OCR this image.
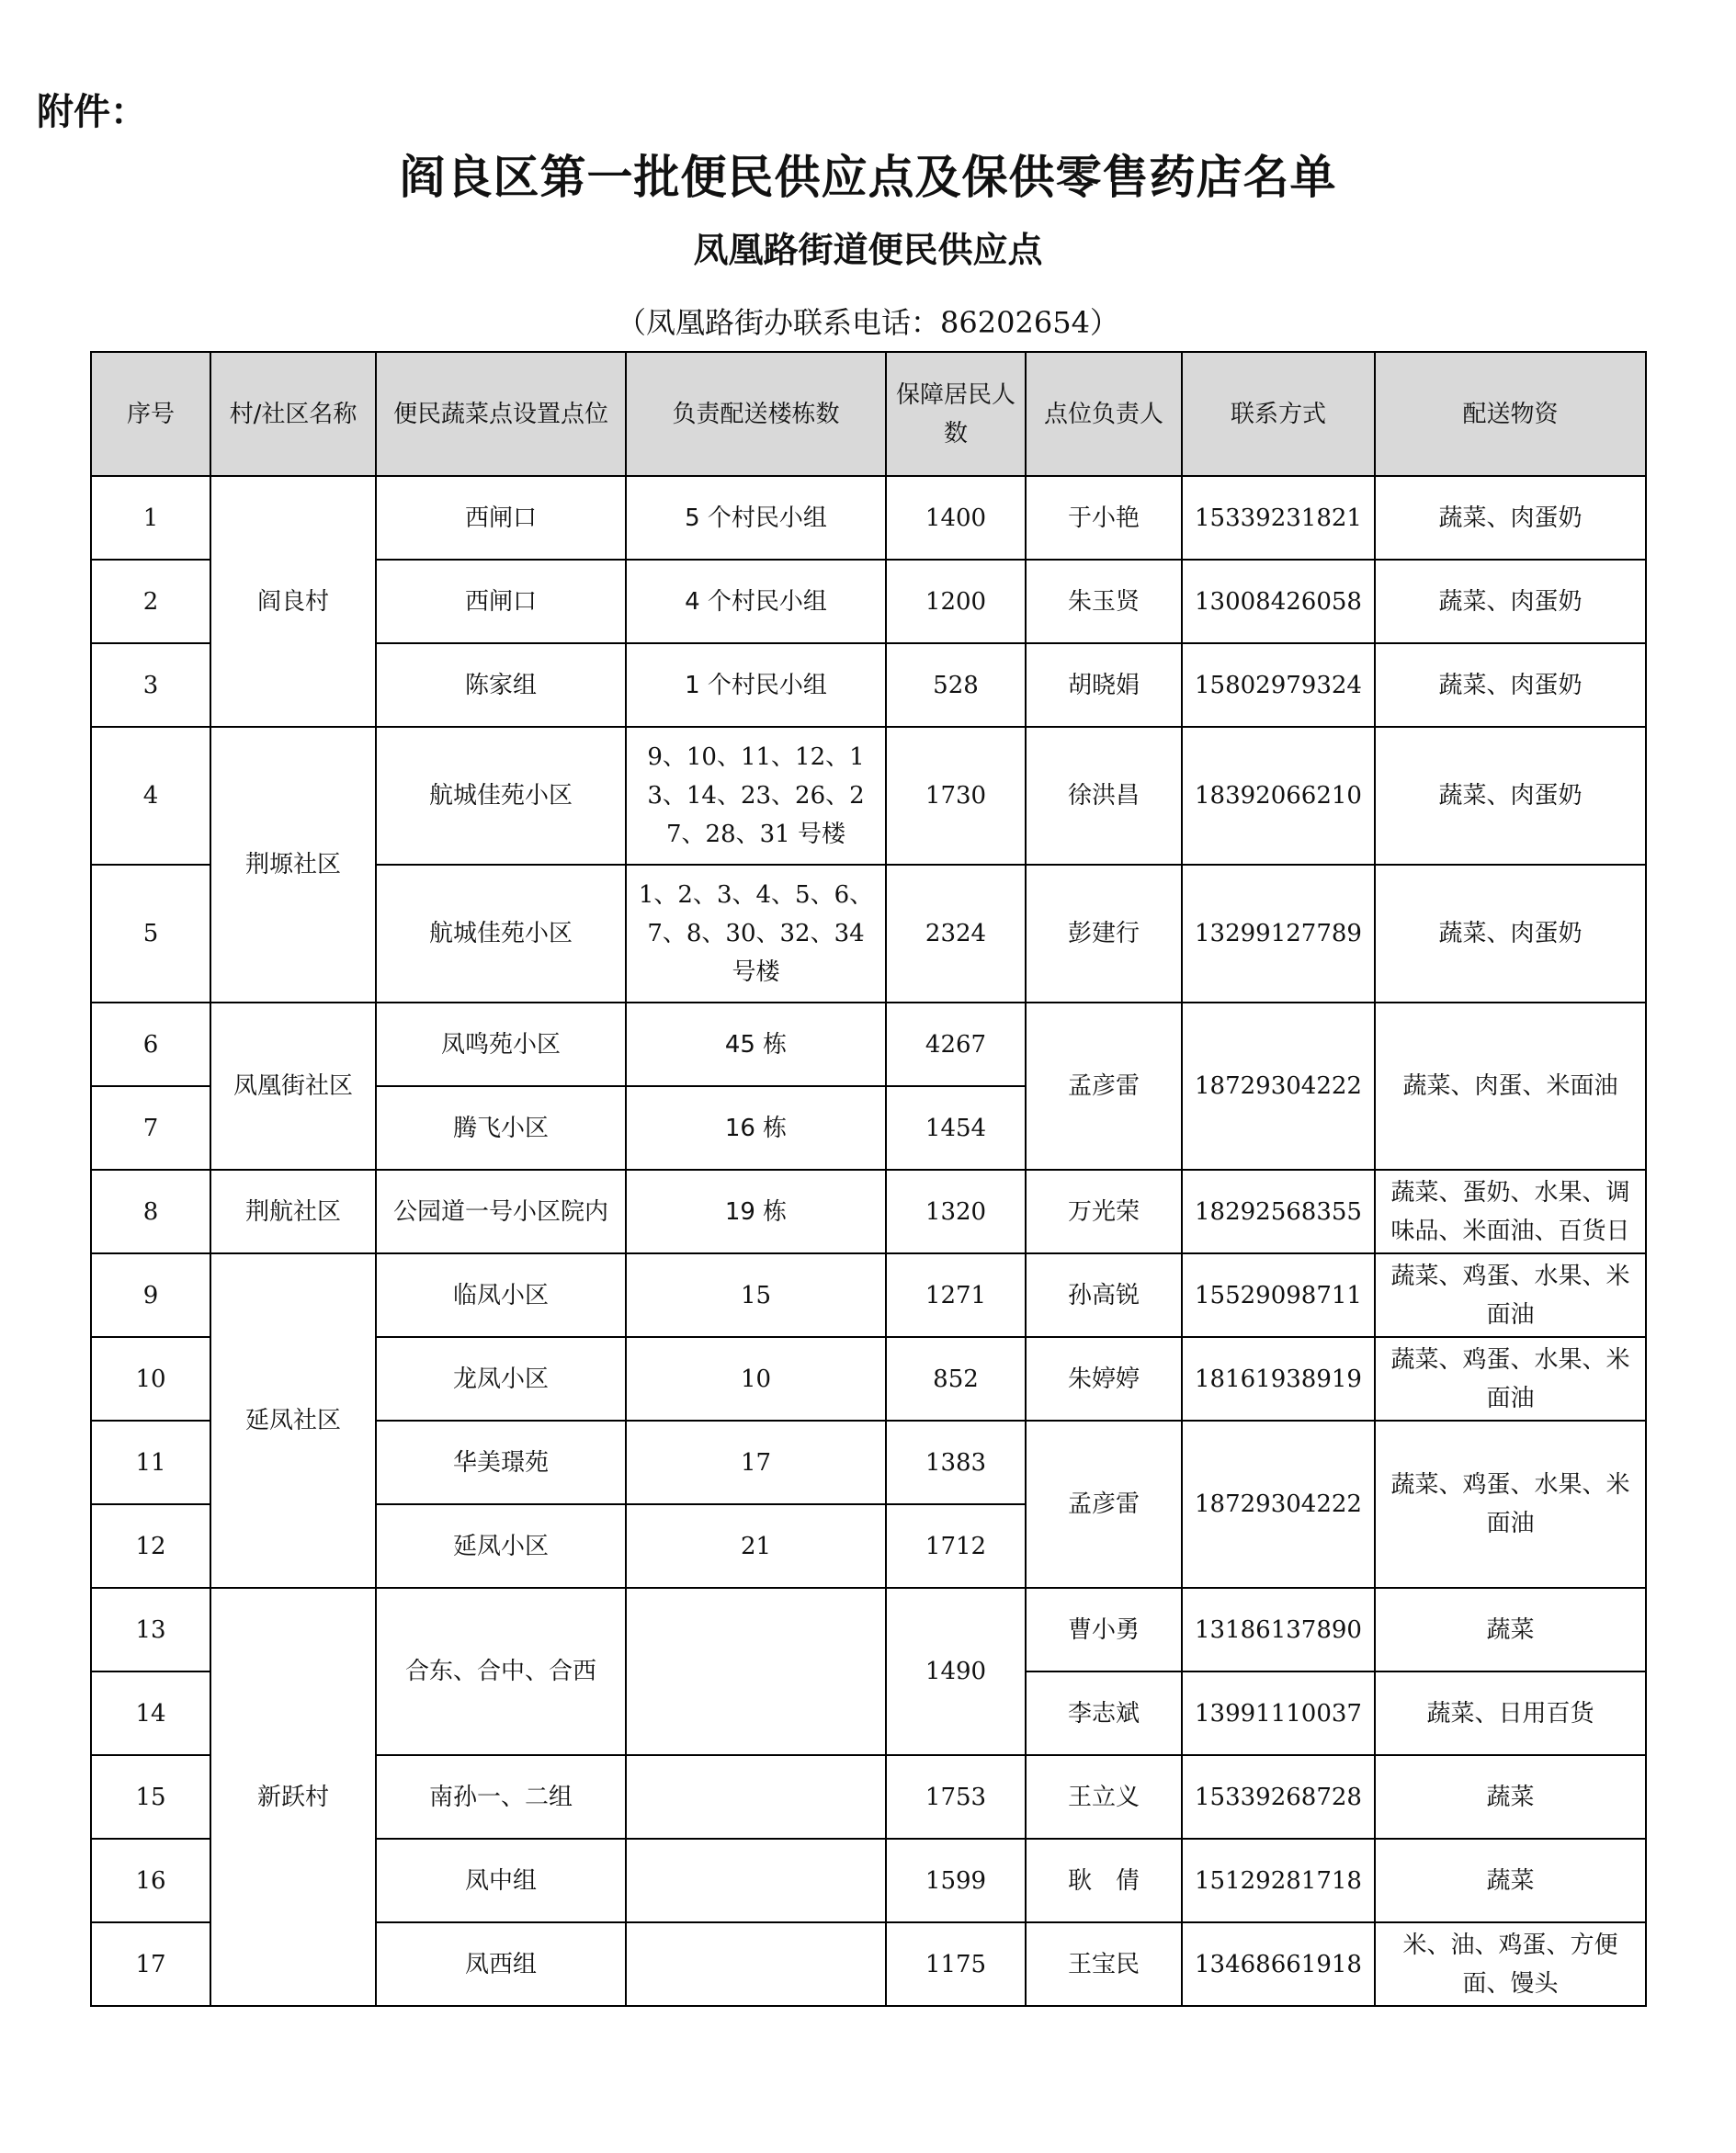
附件：
阎良区第一批便民供应点及保供零售药店名单
凤凰路街道便民供应点
（凤凰路街办联系电话：86202654）
序号	村/社区名称	便民蔬菜点设置点位	负责配送楼栋数	保障居民人数	点位负责人	联系方式	配送物资
1	阎良村	西闸口	5 个村民小组	1400	于小艳	15339231821	蔬菜、肉蛋奶
2		西闸口	4 个村民小组	1200	朱玉贤	13008426058	蔬菜、肉蛋奶
3		陈家组	1 个村民小组	528	胡晓娟	15802979324	蔬菜、肉蛋奶
4	荆塬社区	航城佳苑小区	9、10、11、12、13、14、23、26、27、28、31 号楼	1730	徐洪昌	18392066210	蔬菜、肉蛋奶
5		航城佳苑小区	1、2、3、4、5、6、7、8、30、32、34 号楼	2324	彭建行	13299127789	蔬菜、肉蛋奶
6	凤凰街社区	凤鸣苑小区	45 栋	4267	孟彦雷	18729304222	蔬菜、肉蛋、米面油
7		腾飞小区	16 栋	1454			
8	荆航社区	公园道一号小区院内	19 栋	1320	万光荣	18292568355	蔬菜、蛋奶、水果、调味品、米面油、百货日
9	延凤社区	临凤小区	15	1271	孙高锐	15529098711	蔬菜、鸡蛋、水果、米面油
10		龙凤小区	10	852	朱婷婷	18161938919	蔬菜、鸡蛋、水果、米面油
11		华美璟苑	17	1383	孟彦雷	18729304222	蔬菜、鸡蛋、水果、米面油
12		延凤小区	21	1712			
13	新跃村	合东、合中、合西		1490	曹小勇	13186137890	蔬菜
14					李志斌	13991110037	蔬菜、日用百货
15		南孙一、二组		1753	王立义	15339268728	蔬菜
16		凤中组		1599	耿　倩	15129281718	蔬菜
17		凤西组		1175	王宝民	13468661918	米、油、鸡蛋、方便面、馒头
